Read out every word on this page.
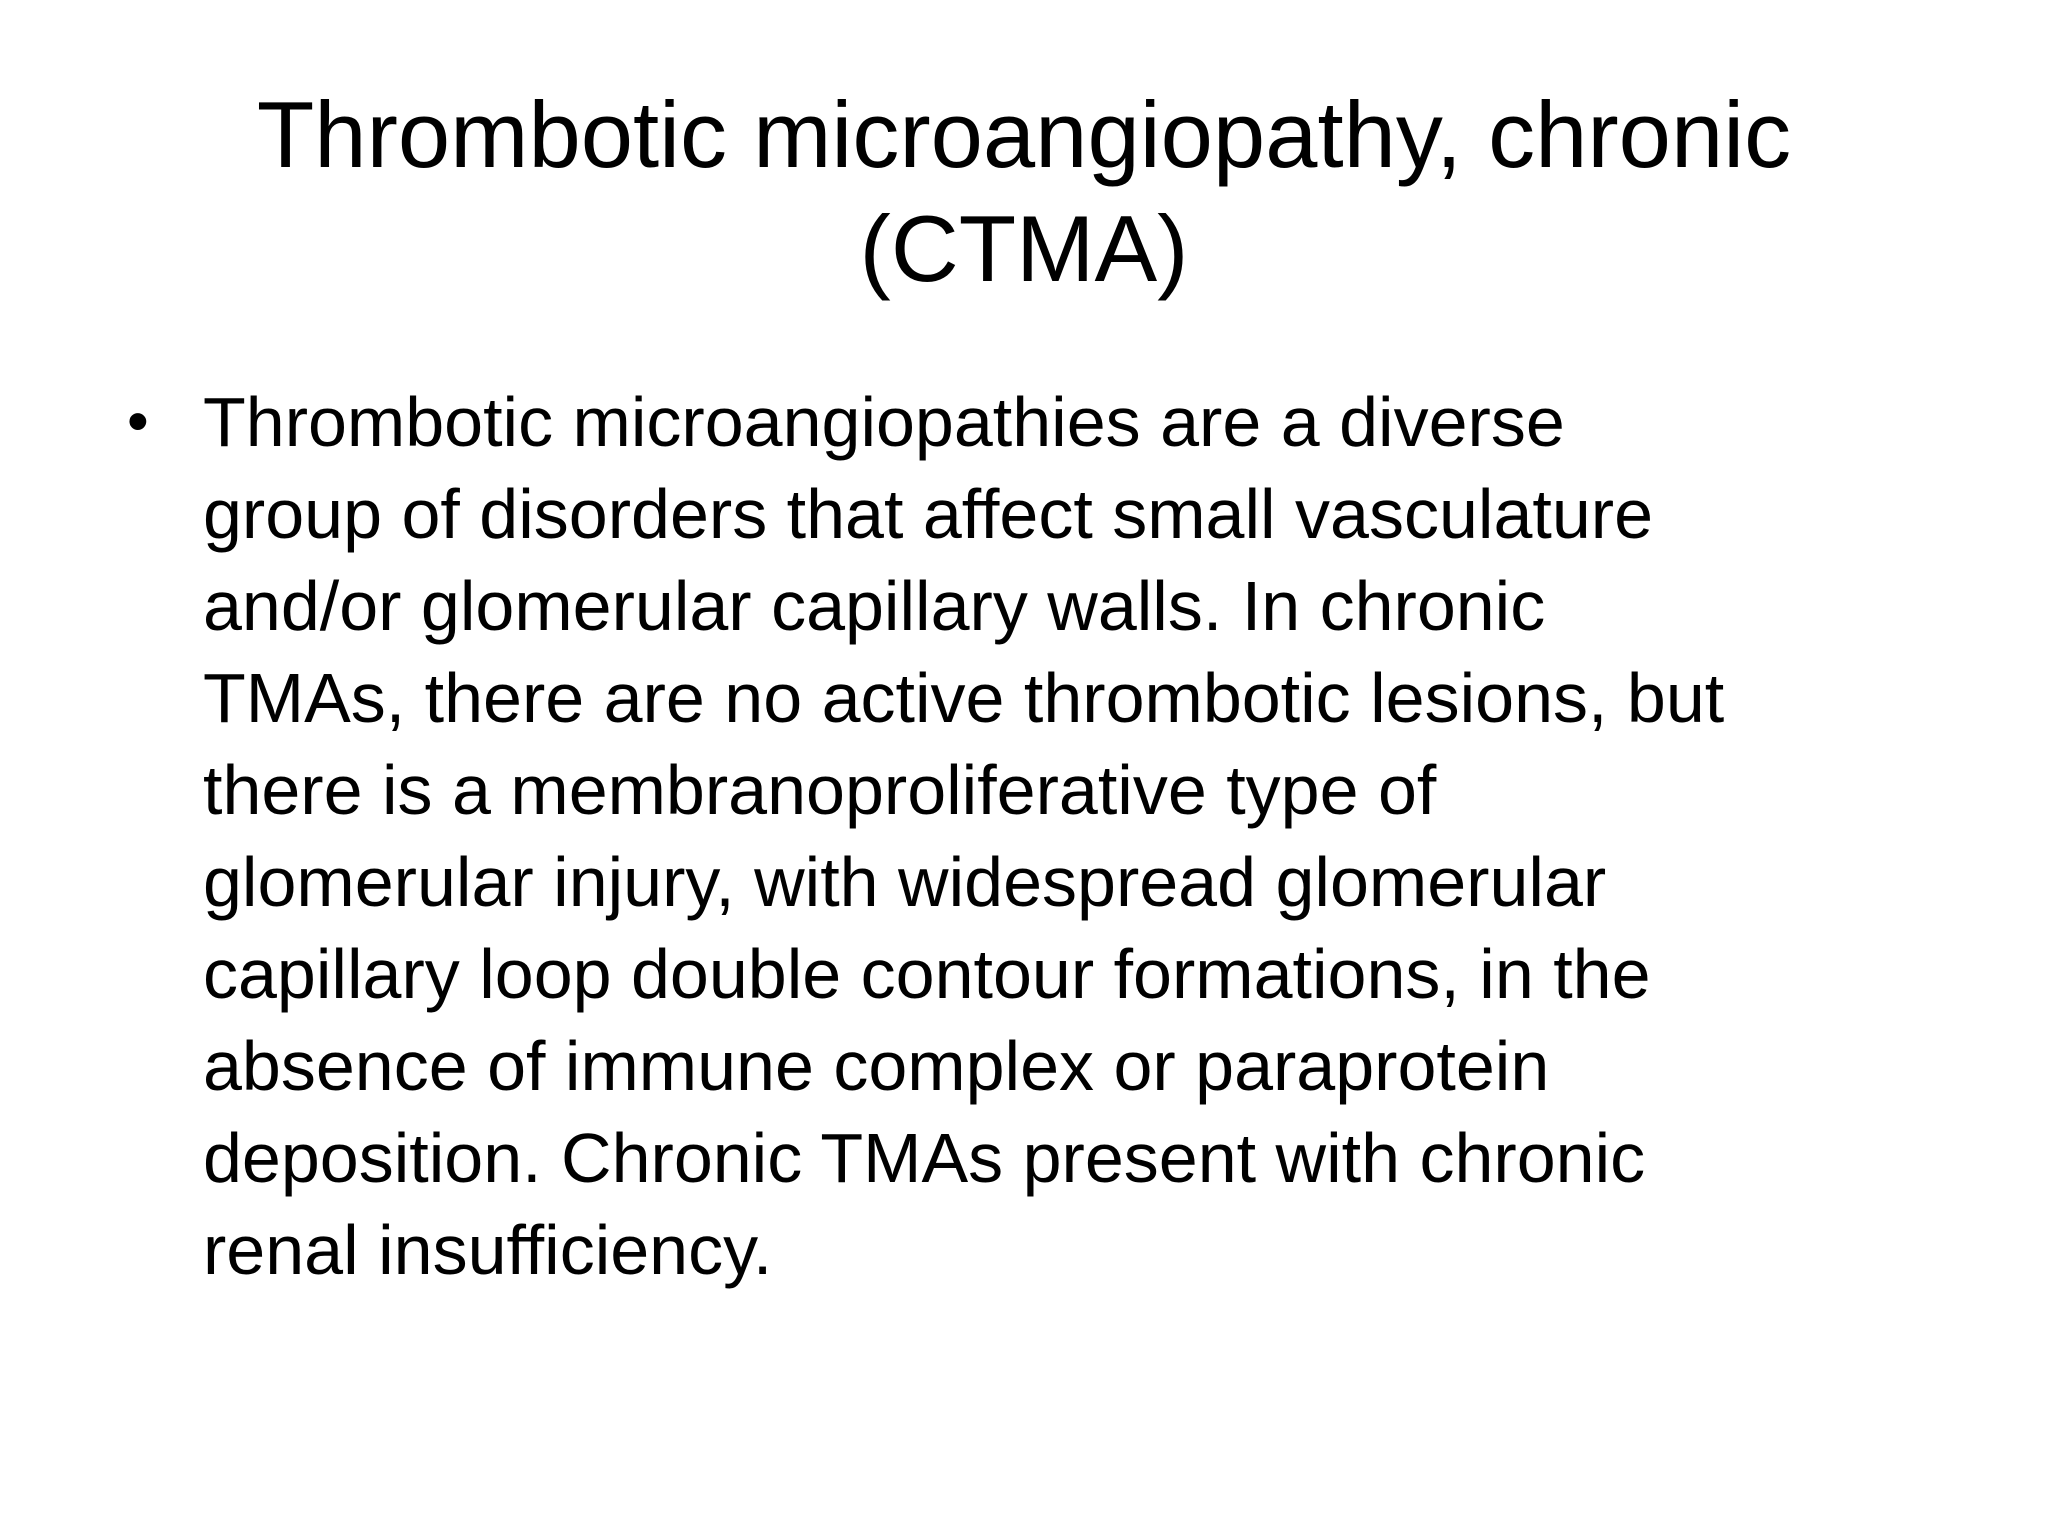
Thrombotic microangiopathy, chronic
(CTMA)
• Thrombotic microangiopathies are a diverse
group of disorders that affect small vasculature
and/or glomerular capillary walls. In chronic
TMAs, there are no active thrombotic lesions, but
there is a membranoproliferative type of
glomerular injury, with widespread glomerular
capillary loop double contour formations, in the
absence of immune complex or paraprotein
deposition. Chronic TMAs present with chronic
renal insufficiency.
